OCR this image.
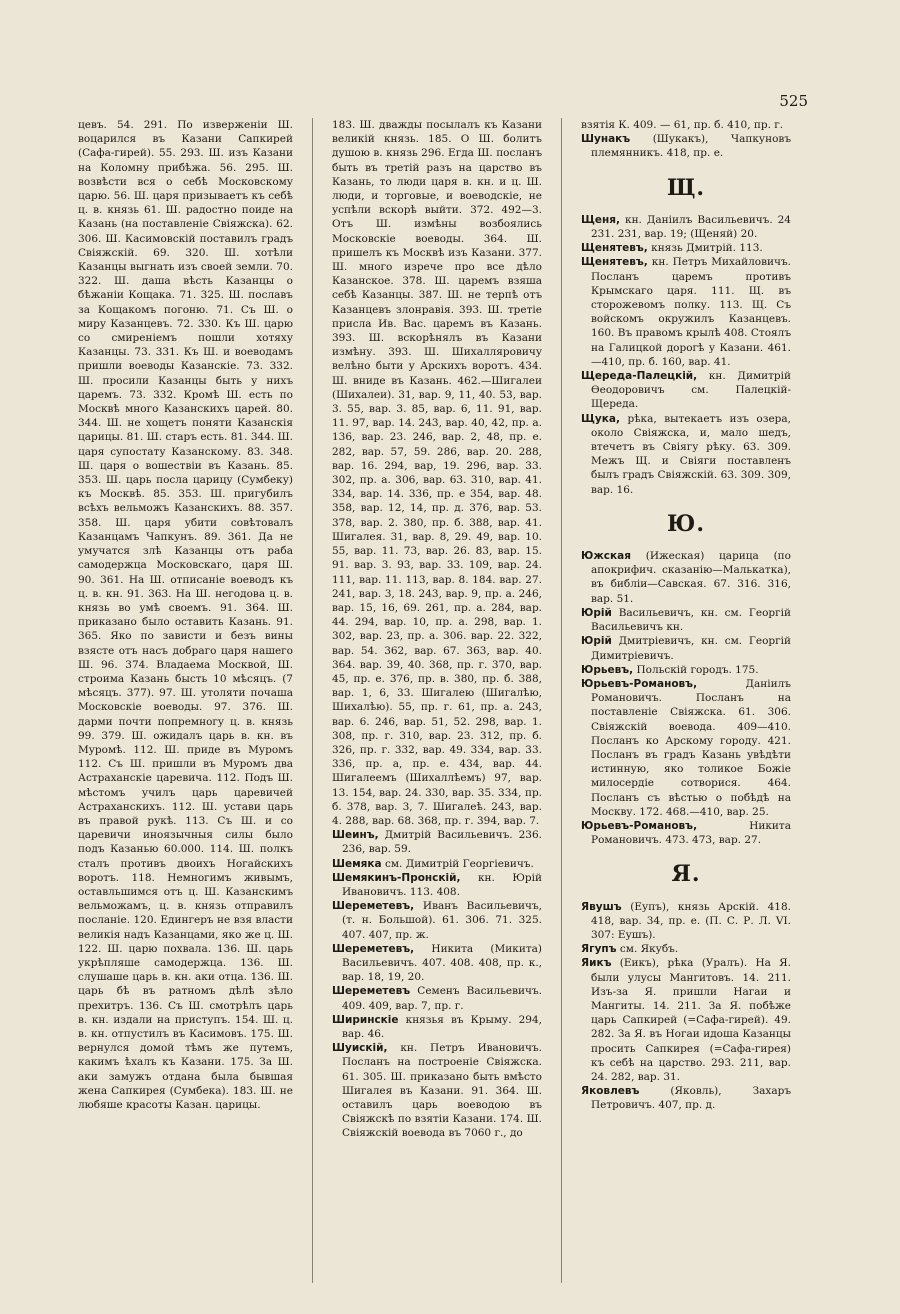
525

цевъ. 54. 291. По изверженіи Ш. воцарился въ Казани Сапкирей (Сафа-гирей). 55. 293. Ш. изъ Казани на Коломну прибѣжа. 56. 295. Ш. возвѣсти вся о себѣ Московскому царю. 56. Ш. царя призываетъ къ себѣ ц. в. князь 61. Ш. радостно поиде на Казань (на поставленіе Свіяжска). 62. 306. Ш. Касимовскій поставилъ градъ Свіяжскій. 69. 320. Ш. хотѣли Казанцы выгнать изъ своей земли. 70. 322. Ш. даша вѣсть Казанцы о бѣжаніи Кощака. 71. 325. Ш. пославъ за Кощакомъ погоню. 71. Съ Ш. о миру Казанцевъ. 72. 330. Къ Ш. царю со смиреніемъ пошли хотяху Казанцы. 73. 331. Къ Ш. и воеводамъ пришли воеводы Казанскіе. 73. 332. Ш. просили Казанцы быть у нихъ царемъ. 73. 332. Кромѣ Ш. есть по Москвѣ много Казанскихъ царей. 80. 344. Ш. не хощетъ поняти Казанскія царицы. 81. Ш. старъ есть. 81. 344. Ш. царя супостату Казанскому. 83. 348. Ш. царя о вошествіи въ Казань. 85. 353. Ш. царь посла царицу (Сумбеку) къ Москвѣ. 85. 353. Ш. пригубилъ всѣхъ вельможъ Казанскихъ. 88. 357. 358. Ш. царя убити совѣтовалъ Казанцамъ Чапкунъ. 89. 361. Да не умучатся злѣ Казанцы отъ раба самодержца Московскаго, царя Ш. 90. 361. На Ш. отписаніе воеводъ къ ц. в. кн. 91. 363. На Ш. негодова ц. в. князь во умѣ своемъ. 91. 364. Ш. приказано было оставить Казань. 91. 365. Яко по зависти и безъ вины взясте отъ насъ добраго царя нашего Ш. 96. 374. Владаема Москвой, Ш. строима Казань бысть 10 мѣсяцъ. (7 мѣсяцъ. 377). 97. Ш. утоляти почаша Московскіе воеводы. 97. 376. Ш. дарми почти попремногу ц. в. князь 99. 379. Ш. ожидалъ царь в. кн. въ Муромѣ. 112. Ш. приде въ Муромъ 112. Съ Ш. пришли въ Муромъ два Астраханскіе царевича. 112. Подъ Ш. мѣстомъ училъ царь царевичей Астраханскихъ. 112. Ш. устави царь въ правой рукѣ. 113. Съ Ш. и со царевичи иноязычныя силы было подъ Казанью 60.000. 114. Ш. полкъ сталъ противъ двоихъ Ногайскихъ воротъ. 118. Немногимъ живымъ, оставльшимся отъ ц. Ш. Казанскимъ вельможамъ, ц. в. князь отправилъ посланіе. 120. Едингеръ не взя власти великія надъ Казанцами, яко же ц. Ш. 122. Ш. царю похвала. 136. Ш. царь укрѣпляше самодержца. 136. Ш. слушаше царь в. кн. аки отца. 136. Ш. царь бѣ въ ратномъ дѣлѣ зѣло прехитръ. 136. Съ Ш. смотрѣлъ царь в. кн. издали на приступъ. 154. Ш. ц. в. кн. отпустилъ въ Касимовъ. 175. Ш. вернулся домой тѣмъ же путемъ, какимъ ѣхалъ къ Казани. 175. За Ш. аки замужъ отдана была бывшая жена Сапкирея (Сумбека). 183. Ш. не любяше красоты Казан. царицы.

183. Ш. дважды посылалъ къ Казани великій князь. 185. О Ш. болитъ душою в. князь 296. Егда Ш. посланъ быть въ третій разъ на царство въ Казань, то люди царя в. кн. и ц. Ш. люди, и торговые, и воеводскіе, не успѣли вскорѣ выйти. 372. 492—3. Отъ Ш. измѣны возбоялись Московскіе воеводы. 364. Ш. пришелъ къ Москвѣ изъ Казани. 377. Ш. много изрече про все дѣло Казанское. 378. Ш. царемъ взяша себѣ Казанцы. 387. Ш. не терпѣ отъ Казанцевъ злонравія. 393. Ш. третіе присла Ив. Вас. царемъ въ Казань. 393. Ш. вскорѣнялъ въ Казани измѣну. 393. Ш. Шихалляровичу велѣно быти у Арскихъ воротъ. 434. Ш. вниде въ Казань. 462.—Шигалеи (Шихалеи). 31, вар. 9, 11, 40. 53, вар. 3. 55, вар. 3. 85, вар. 6, 11. 91, вар. 11. 97, вар. 14. 243, вар. 40, 42, пр. а. 136, вар. 23. 246, вар. 2, 48, пр. е. 282, вар. 57, 59. 286, вар. 20. 288, вар. 16. 294, вар, 19. 296, вар. 33. 302, пр. а. 306, вар. 63. 310, вар. 41. 334, вар. 14. 336, пр. е 354, вар. 48. 358, вар. 12, 14, пр. д. 376, вар. 53. 378, вар. 2. 380, пр. б. 388, вар. 41. Шигалея. 31, вар. 8, 29. 49, вар. 10. 55, вар. 11. 73, вар. 26. 83, вар. 15. 91. вар. 3. 93, вар. 33. 109, вар. 24. 111, вар. 11. 113, вар. 8. 184. вар. 27. 241, вар. 3, 18. 243, вар. 9, пр. а. 246, вар. 15, 16, 69. 261, пр. а. 284, вар. 44. 294, вар. 10, пр. а. 298, вар. 1. 302, вар. 23, пр. а. 306. вар. 22. 322, вар. 54. 362, вар. 67. 363, вар. 40. 364. вар. 39, 40. 368, пр. г. 370, вар. 45, пр. е. 376, пр. в. 380, пр. б. 388, вар. 1, 6, 33. Шигалею (Шигалѣю, Шихалѣю). 55, пр. г. 61, пр. а. 243, вар. 6. 246, вар. 51, 52. 298, вар. 1. 308, пр. г. 310, вар. 23. 312, пр. б. 326, пр. г. 332, вар. 49. 334, вар. 33. 336, пр. а, пр. е. 434, вар. 44. Шигалеемъ (Шихаллѣемъ) 97, вар. 13. 154, вар. 24. 330, вар. 35. 334, пр. б. 378, вар. 3, 7. Шигалеѣ. 243, вар. 4. 288, вар. 68. 368, пр. г. 394, вар. 7.

Шеинъ, Дмитрій Васильевичъ. 236. 236, вар. 59.

Шемяка см. Димитрій Георгіевичъ.

Шемякинъ-Пронскій, кн. Юрій Ивановичъ. 113. 408.

Шереметевъ, Иванъ Васильевичъ, (т. н. Большой). 61. 306. 71. 325. 407. 407, пр. ж.

Шереметевъ, Никита (Микита) Васильевичъ. 407. 408. 408, пр. к., вар. 18, 19, 20.

Шереметевъ Семенъ Васильевичъ. 409. 409, вар. 7, пр. г.

Ширинскіе князья въ Крыму. 294, вар. 46.

Шуискій, кн. Петръ Ивановичъ. Посланъ на построеніе Свіяжска. 61. 305. Ш. приказано быть вмѣсто Шигалея въ Казани. 91. 364. Ш. оставилъ царь воеводою въ Свіяжскѣ по взятіи Казани. 174. Ш. Свіяжскій воевода въ 7060 г., до

взятія К. 409. — 61, пр. б. 410, пр. г.

Шунакъ (Шукакъ), Чапкуновъ племянникъ. 418, пр. е.

Щ.

Щеня, кн. Даніилъ Васильевичъ. 24 231. 231, вар. 19; (Щеняй) 20.

Щенятевъ, князь Дмитрій. 113.

Щенятевъ, кн. Петръ Михайловичъ. Посланъ царемъ противъ Крымскаго царя. 111. Щ. въ сторожевомъ полку. 113. Щ. Съ войскомъ окружилъ Казанцевъ. 160. Въ правомъ крылѣ 408. Стоялъ на Галицкой дорогѣ у Казани. 461.—410, пр. б. 160, вар. 41.

Щереда-Палецкій, кн. Димитрій Өеодоровичъ см. Палецкій-Щереда.

Щука, рѣка, вытекаетъ изъ озера, около Свіяжска, и, мало шедъ, втечетъ въ Свіягу рѣку. 63. 309. Межъ Щ. и Свіяги поставленъ былъ градъ Свіяжскій. 63. 309. 309, вар. 16.

Ю.

Южская (Ижеская) царица (по апокрифич. сказанію—Малькатка), въ библіи—Савская. 67. 316. 316, вар. 51.

Юрій Васильевичъ, кн. см. Георгій Васильевичъ кн.

Юрій Дмитріевичъ, кн. см. Георгій Димитріевичъ.

Юрьевъ, Польскій городъ. 175.

Юрьевъ-Романовъ,	Даніилъ Романовичъ. Посланъ на поставленіе Свіяжска. 61. 306. Свіяжскій воевода. 409—410. Посланъ ко Арскому городу. 421. Посланъ въ градъ Казань увѣдѣти истинную, яко толикое Божіе милосердіе сотворися. 464. Посланъ съ вѣстью о побѣдѣ на Москву. 172. 468.—410, вар. 25.

Юрьевъ-Романовъ,	Никита Романовичъ. 473. 473, вар. 27.

Я.

Явушъ (Еупъ), князь Арскій. 418. 418, вар. 34, пр. е. (П. С. Р. Л. VI. 307: Еушъ).

Ягупъ см. Якубъ.

Яикъ (Еикъ), рѣка (Уралъ). На Я. были улусы Мангитовъ. 14. 211. Изъ-за Я. пришли Нагаи и Мангиты. 14. 211. За Я. побѣже царь Сапкирей (=Сафа-гирей). 49. 282. За Я. въ Ногаи идоша Казанцы просить Сапкирея (=Сафа-гирея) къ себѣ на царство. 293. 211, вар. 24. 282, вар. 31.

Яковлевъ	(Яковль), Захаръ Петровичъ. 407, пр. д.
